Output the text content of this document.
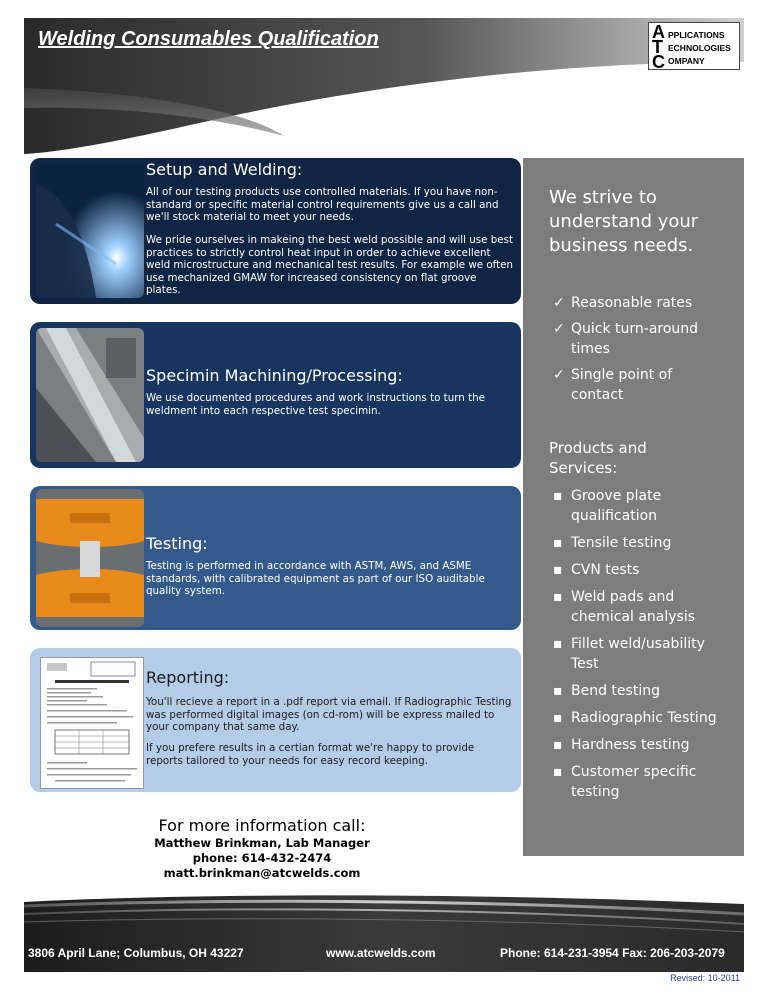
Welding Consumables Qualification	A
T
C
PPLICATIONS
ECHNOLOGIES
OMPANY
Setup and Welding:

All of our testing products use controlled materials. If you have non-standard or specific material control requirements give us a call and we'll stock material to meet your needs.

We pride ourselves in makeing the best weld possible and will use best practices to strictly control heat input in order to achieve excellent weld microstructure and mechanical test results. For example we often use mechanized GMAW for increased consistency on flat groove plates.

Specimin Machining/Processing:

We use documented procedures and work instructions to turn the weldment into each respective test specimin.

Testing:

Testing is performed in accordance with ASTM, AWS, and ASME standards, with calibrated equipment as part of our ISO auditable quality system.

Reporting:

You'll recieve a report in a .pdf report via email. If Radiographic Testing was performed digital images (on cd-rom) will be express mailed to your company that same day.

If you prefere results in a certian format we're happy to provide reports tailored to your needs for easy record keeping.

We strive to understand your business needs.
✓ Reasonable rates
✓ Quick turn-around times
✓ Single point of contact
Products and Services:
▪ Groove plate qualification
▪ Tensile testing
▪ CVN tests
▪ Weld pads and chemical analysis
▪ Fillet weld/usability Test
▪ Bend testing
▪ Radiographic Testing
▪ Hardness testing
▪ Customer specific testing
For more information call:
Matthew Brinkman, Lab Manager
phone: 614-432-2474
matt.brinkman@atcwelds.com
3806 April Lane; Columbus, OH 43227	www.atcwelds.com	Phone: 614-231-3954 Fax: 206-203-2079
Revised: 10-2011
